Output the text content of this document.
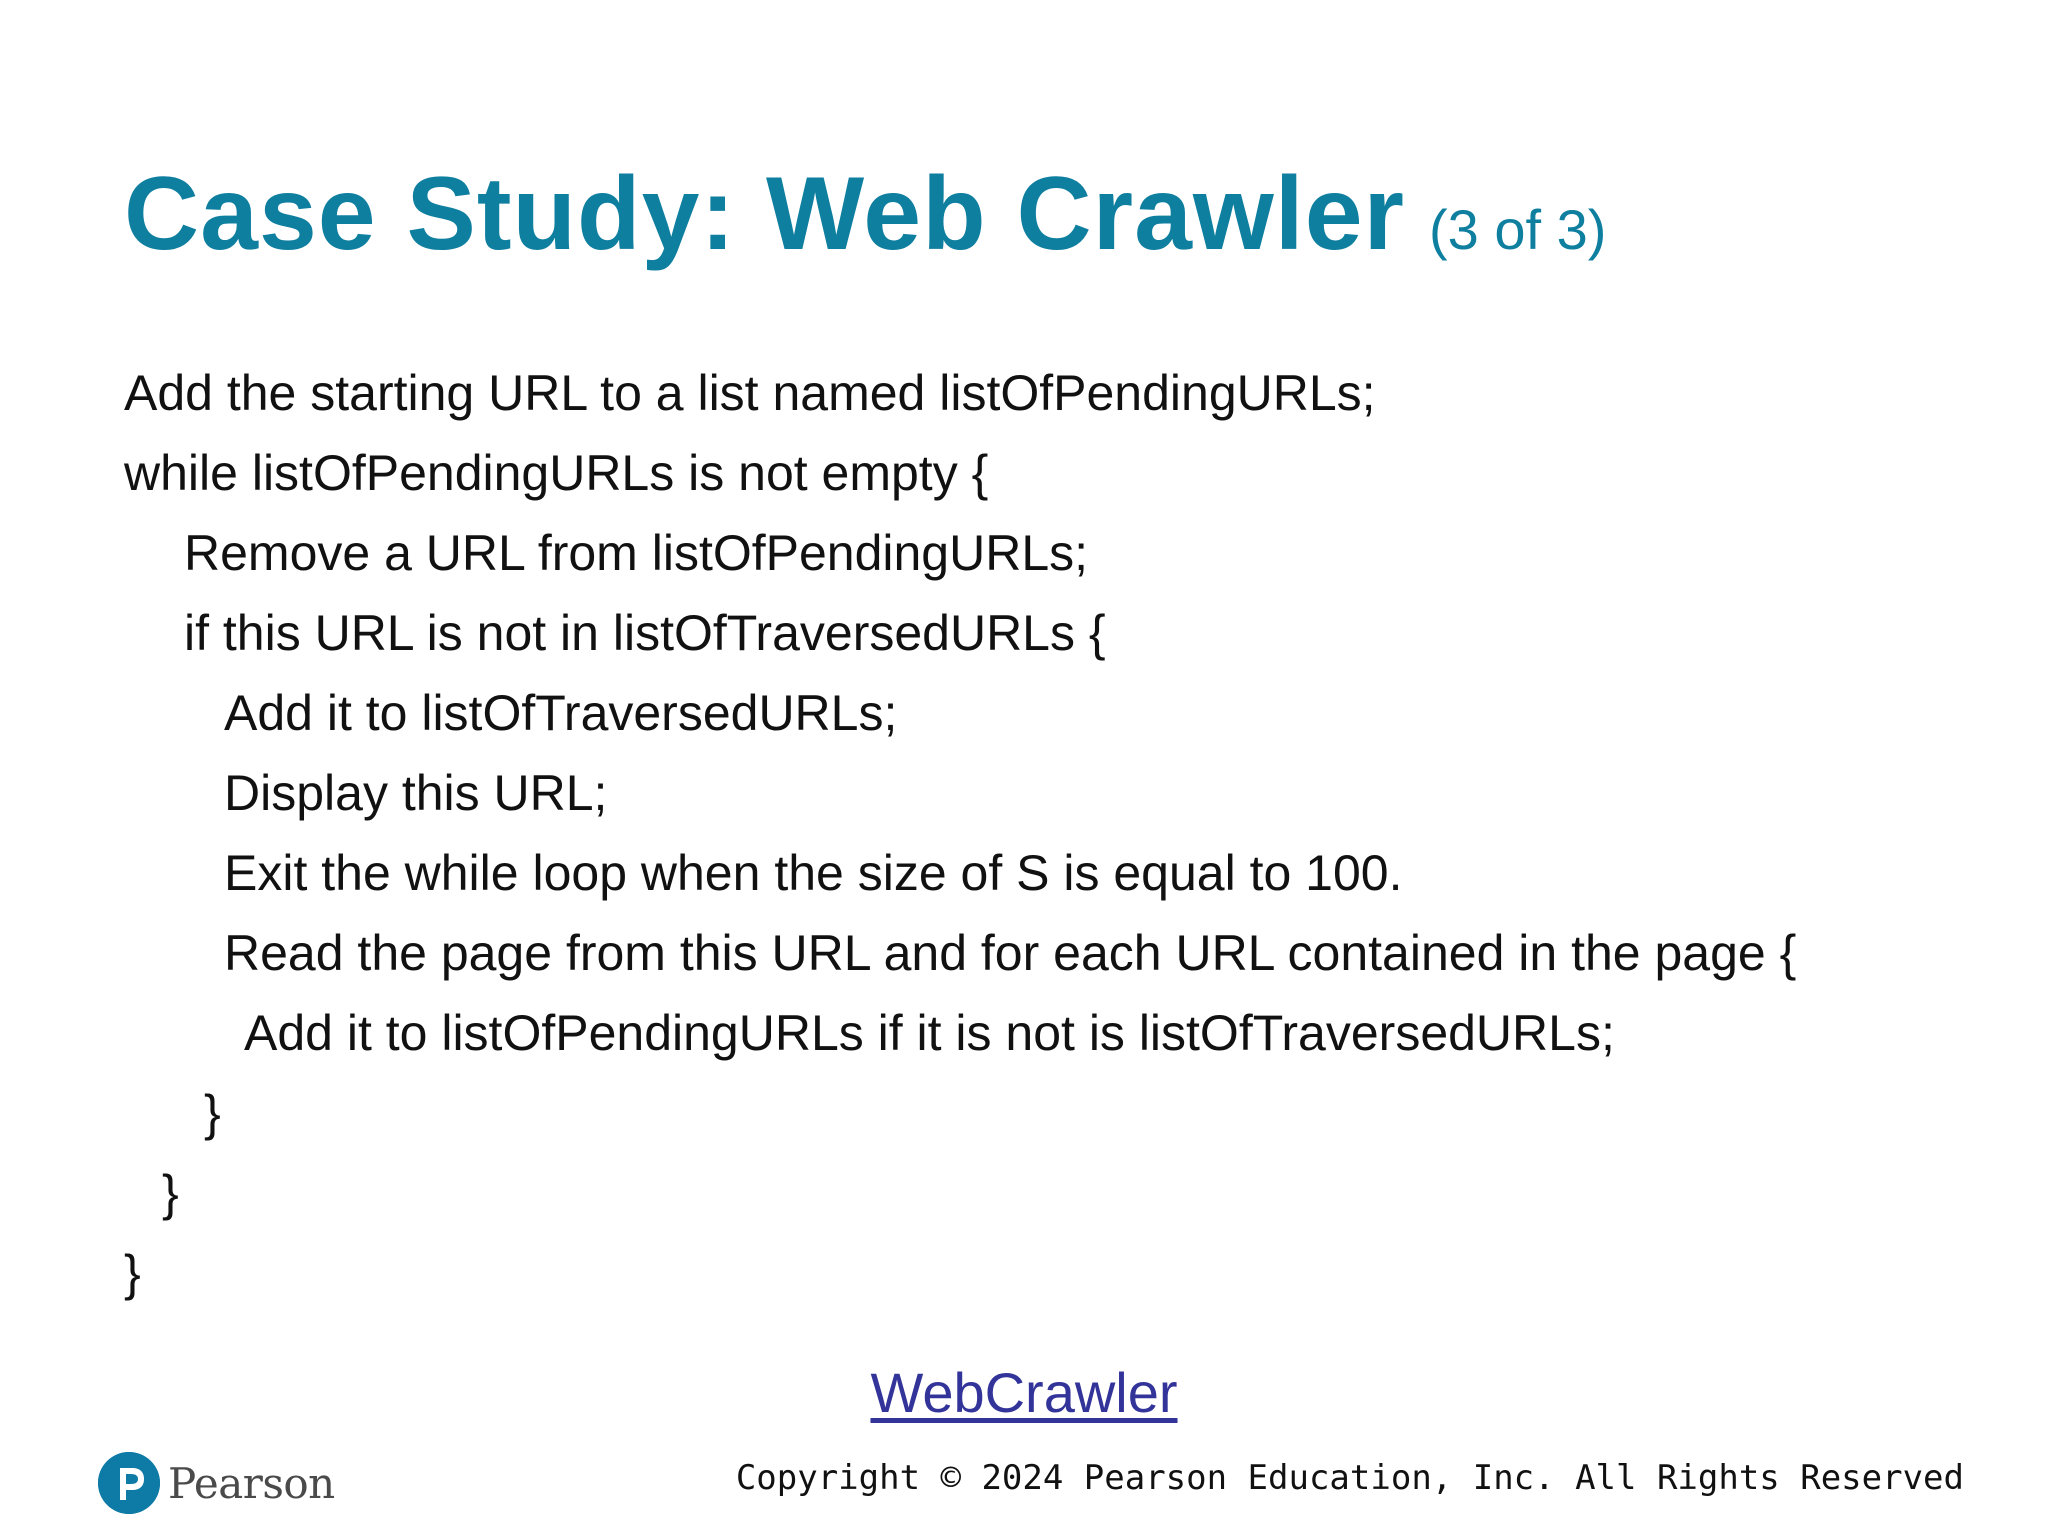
Case Study: Web Crawler (3 of 3)
Add the starting URL to a list named listOfPendingURLs;
while listOfPendingURLs is not empty {
Remove a URL from listOfPendingURLs;
if this URL is not in listOfTraversedURLs {
Add it to listOfTraversedURLs;
Display this URL;
Exit the while loop when the size of S is equal to 100.
Read the page from this URL and for each URL contained in the page {
Add it to listOfPendingURLs if it is not is listOfTraversedURLs;
}
}
}
WebCrawler
Pearson	Copyright © 2024 Pearson Education, Inc. All Rights Reserved
